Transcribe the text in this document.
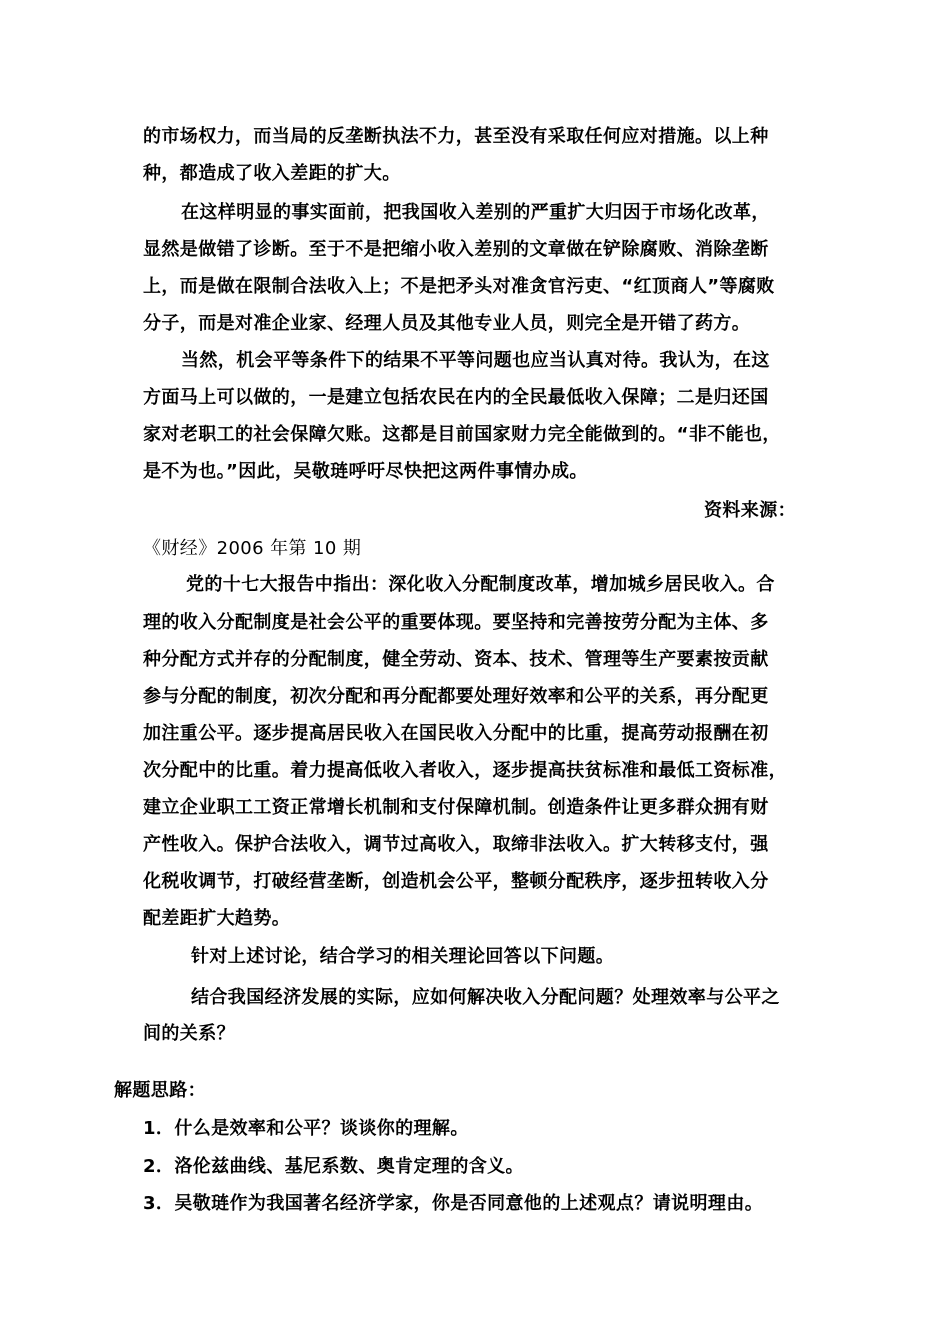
的市场权力，而当局的反垄断执法不力，甚至没有采取任何应对措施。以上种
种，都造成了收入差距的扩大。
在这样明显的事实面前，把我国收入差别的严重扩大归因于市场化改革，
显然是做错了诊断。至于不是把缩小收入差别的文章做在铲除腐败、消除垄断
上，而是做在限制合法收入上；不是把矛头对准贪官污吏、“红顶商人”等腐败
分子，而是对准企业家、经理人员及其他专业人员，则完全是开错了药方。
当然，机会平等条件下的结果不平等问题也应当认真对待。我认为，在这
方面马上可以做的，一是建立包括农民在内的全民最低收入保障；二是归还国
家对老职工的社会保障欠账。这都是目前国家财力完全能做到的。“非不能也，
是不为也。”因此，吴敬琏呼吁尽快把这两件事情办成。
资料来源：
《财经》2006 年第 10 期
党的十七大报告中指出：深化收入分配制度改革，增加城乡居民收入。合
理的收入分配制度是社会公平的重要体现。要坚持和完善按劳分配为主体、多
种分配方式并存的分配制度，健全劳动、资本、技术、管理等生产要素按贡献
参与分配的制度，初次分配和再分配都要处理好效率和公平的关系，再分配更
加注重公平。逐步提高居民收入在国民收入分配中的比重，提高劳动报酬在初
次分配中的比重。着力提高低收入者收入，逐步提高扶贫标准和最低工资标准，
建立企业职工工资正常增长机制和支付保障机制。创造条件让更多群众拥有财
产性收入。保护合法收入，调节过高收入，取缔非法收入。扩大转移支付，强
化税收调节，打破经营垄断，创造机会公平，整顿分配秩序，逐步扭转收入分
配差距扩大趋势。
针对上述讨论，结合学习的相关理论回答以下问题。
结合我国经济发展的实际，应如何解决收入分配问题？处理效率与公平之
间的关系？
解题思路：
1．什么是效率和公平？谈谈你的理解。
2．洛伦兹曲线、基尼系数、奥肯定理的含义。
3．吴敬琏作为我国著名经济学家，你是否同意他的上述观点？请说明理由。
